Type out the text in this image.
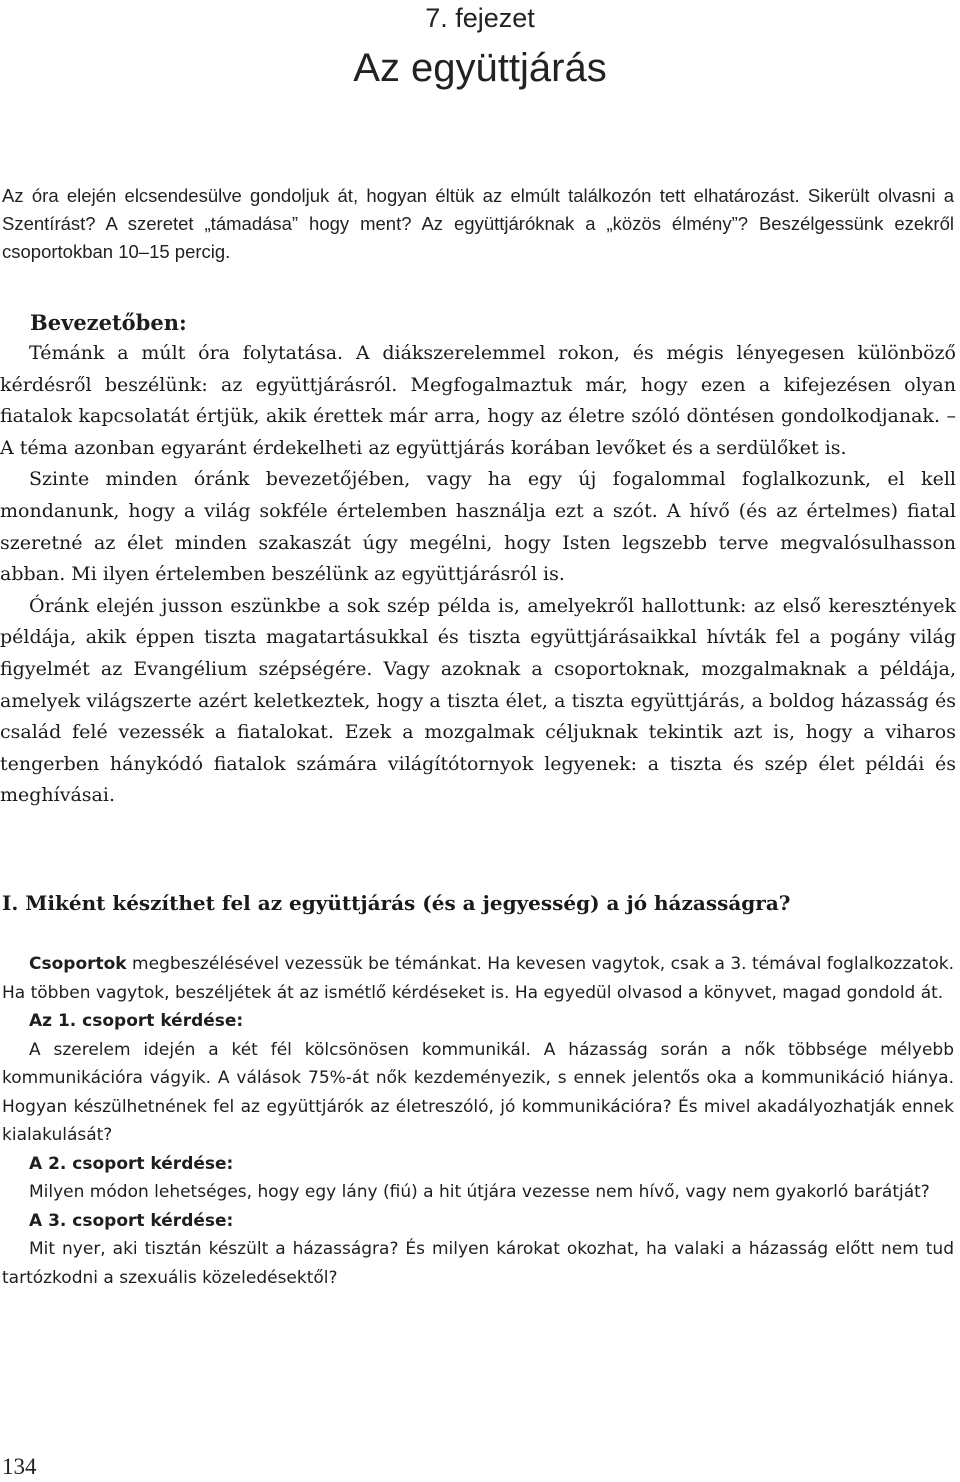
7. fejezet
Az együttjárás

Az óra elején elcsendesülve gondoljuk át, hogyan éltük az elmúlt találkozón tett elhatározást. Sikerült olvasni a Szentírást? A szeretet „támadása” hogy ment? Az együttjáróknak a „közös élmény”? Beszélgessünk ezekről csoportokban 10–15 percig.

Bevezetőben:

Témánk a múlt óra folytatása. A diákszerelemmel rokon, és mégis lényegesen különböző kérdésről beszélünk: az együttjárásról. Megfogalmaztuk már, hogy ezen a kifejezésen olyan fiatalok kapcsolatát értjük, akik érettek már arra, hogy az életre szóló döntésen gondolkodjanak. – A téma azonban egyaránt érdekelheti az együttjárás korában levőket és a serdülőket is.

Szinte minden óránk bevezetőjében, vagy ha egy új fogalommal foglalkozunk, el kell mondanunk, hogy a világ sokféle értelemben használja ezt a szót. A hívő (és az értelmes) fiatal szeretné az élet minden szakaszát úgy megélni, hogy Isten legszebb terve megvalósulhasson abban. Mi ilyen értelemben beszélünk az együttjárásról is.

Óránk elején jusson eszünkbe a sok szép példa is, amelyekről hallottunk: az első keresztények példája, akik éppen tiszta magatartásukkal és tiszta együttjárásaikkal hívták fel a pogány világ figyelmét az Evangélium szépségére. Vagy azoknak a csoportoknak, mozgalmaknak a példája, amelyek világszerte azért keletkeztek, hogy a tiszta élet, a tiszta együttjárás, a boldog házasság és család felé vezessék a fiatalokat. Ezek a mozgalmak céljuknak tekintik azt is, hogy a viharos tengerben hánykódó fiatalok számára világítótornyok legyenek: a tiszta és szép élet példái és meghívásai.

I. Miként készíthet fel az együttjárás (és a jegyesség) a jó házasságra?

Csoportok megbeszélésével vezessük be témánkat. Ha kevesen vagytok, csak a 3. témával foglalkozzatok. Ha többen vagytok, beszéljétek át az ismétlő kérdéseket is. Ha egyedül olvasod a könyvet, magad gondold át.

Az 1. csoport kérdése:

A szerelem idején a két fél kölcsönösen kommunikál. A házasság során a nők többsége mélyebb kommunikációra vágyik. A válások 75%-át nők kezdeményezik, s ennek jelentős oka a kommunikáció hiánya. Hogyan készülhetnének fel az együttjárók az életreszóló, jó kommunikációra? És mivel akadályozhatják ennek kialakulását?

A 2. csoport kérdése:

Milyen módon lehetséges, hogy egy lány (fiú) a hit útjára vezesse nem hívő, vagy nem gyakorló barátját?

A 3. csoport kérdése:

Mit nyer, aki tisztán készült a házasságra? És milyen károkat okozhat, ha valaki a házasság előtt nem tud tartózkodni a szexuális közeledésektől?

134
